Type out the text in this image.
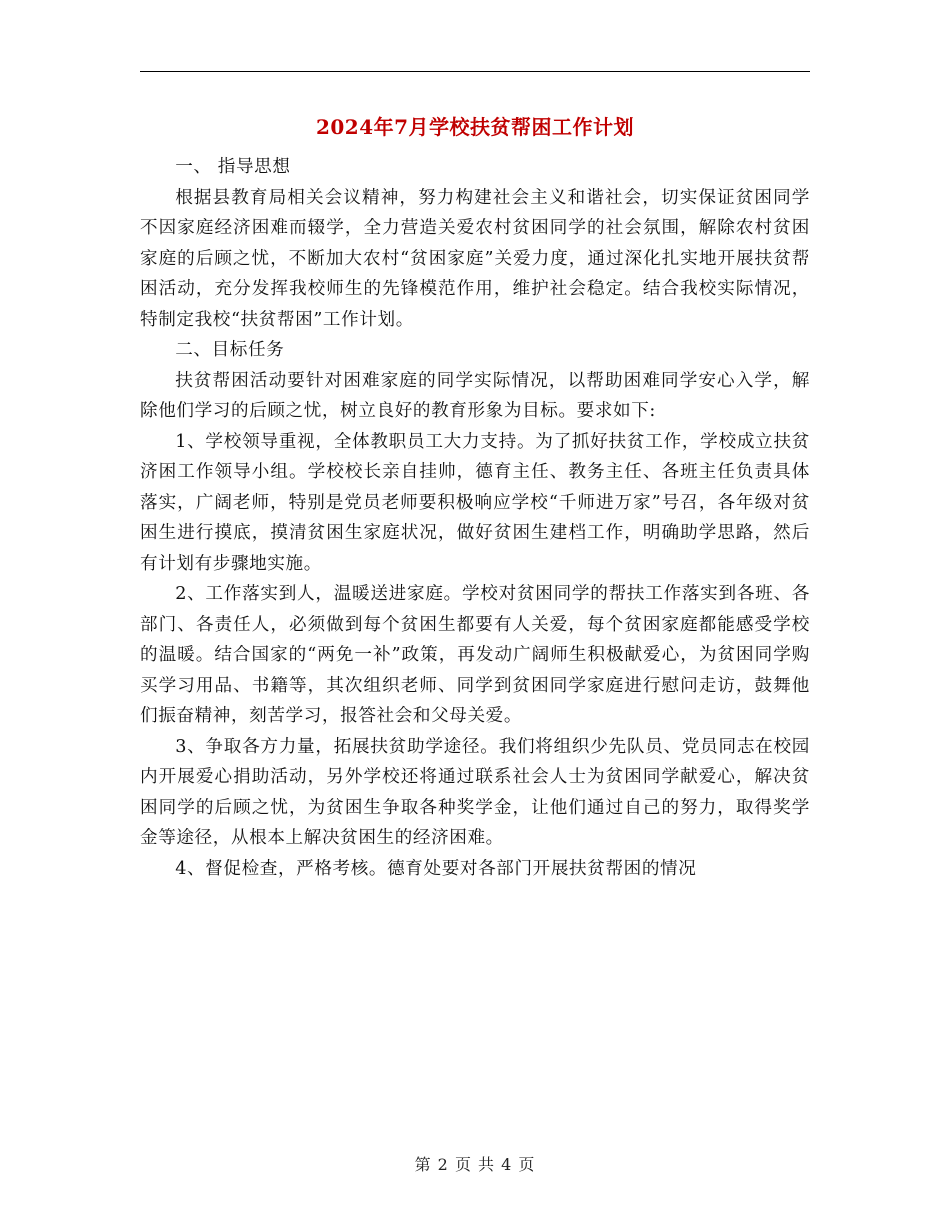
2024年7月学校扶贫帮困工作计划

一、 指导思想

根据县教育局相关会议精神，努力构建社会主义和谐社会，切实保证贫困同学不因家庭经济困难而辍学，全力营造关爱农村贫困同学的社会氛围，解除农村贫困家庭的后顾之忧，不断加大农村“贫困家庭”关爱力度，通过深化扎实地开展扶贫帮困活动，充分发挥我校师生的先锋模范作用，维护社会稳定。结合我校实际情况，特制定我校“扶贫帮困”工作计划。

二、目标任务

扶贫帮困活动要针对困难家庭的同学实际情况，以帮助困难同学安心入学，解除他们学习的后顾之忧，树立良好的教育形象为目标。要求如下:

1、学校领导重视，全体教职员工大力支持。为了抓好扶贫工作，学校成立扶贫济困工作领导小组。学校校长亲自挂帅，德育主任、教务主任、各班主任负责具体落实，广阔老师，特别是党员老师要积极响应学校“千师进万家”号召，各年级对贫困生进行摸底，摸清贫困生家庭状况，做好贫困生建档工作，明确助学思路，然后有计划有步骤地实施。

2、工作落实到人，温暖送进家庭。学校对贫困同学的帮扶工作落实到各班、各部门、各责任人，必须做到每个贫困生都要有人关爱，每个贫困家庭都能感受学校的温暖。结合国家的“两免一补”政策，再发动广阔师生积极献爱心，为贫困同学购买学习用品、书籍等，其次组织老师、同学到贫困同学家庭进行慰问走访，鼓舞他们振奋精神，刻苦学习，报答社会和父母关爱。

3、争取各方力量，拓展扶贫助学途径。我们将组织少先队员、党员同志在校园内开展爱心捐助活动，另外学校还将通过联系社会人士为贫困同学献爱心，解决贫困同学的后顾之忧，为贫困生争取各种奖学金，让他们通过自己的努力，取得奖学金等途径，从根本上解决贫困生的经济困难。

4、督促检查，严格考核。德育处要对各部门开展扶贫帮困的情况

第 2 页 共 4 页
